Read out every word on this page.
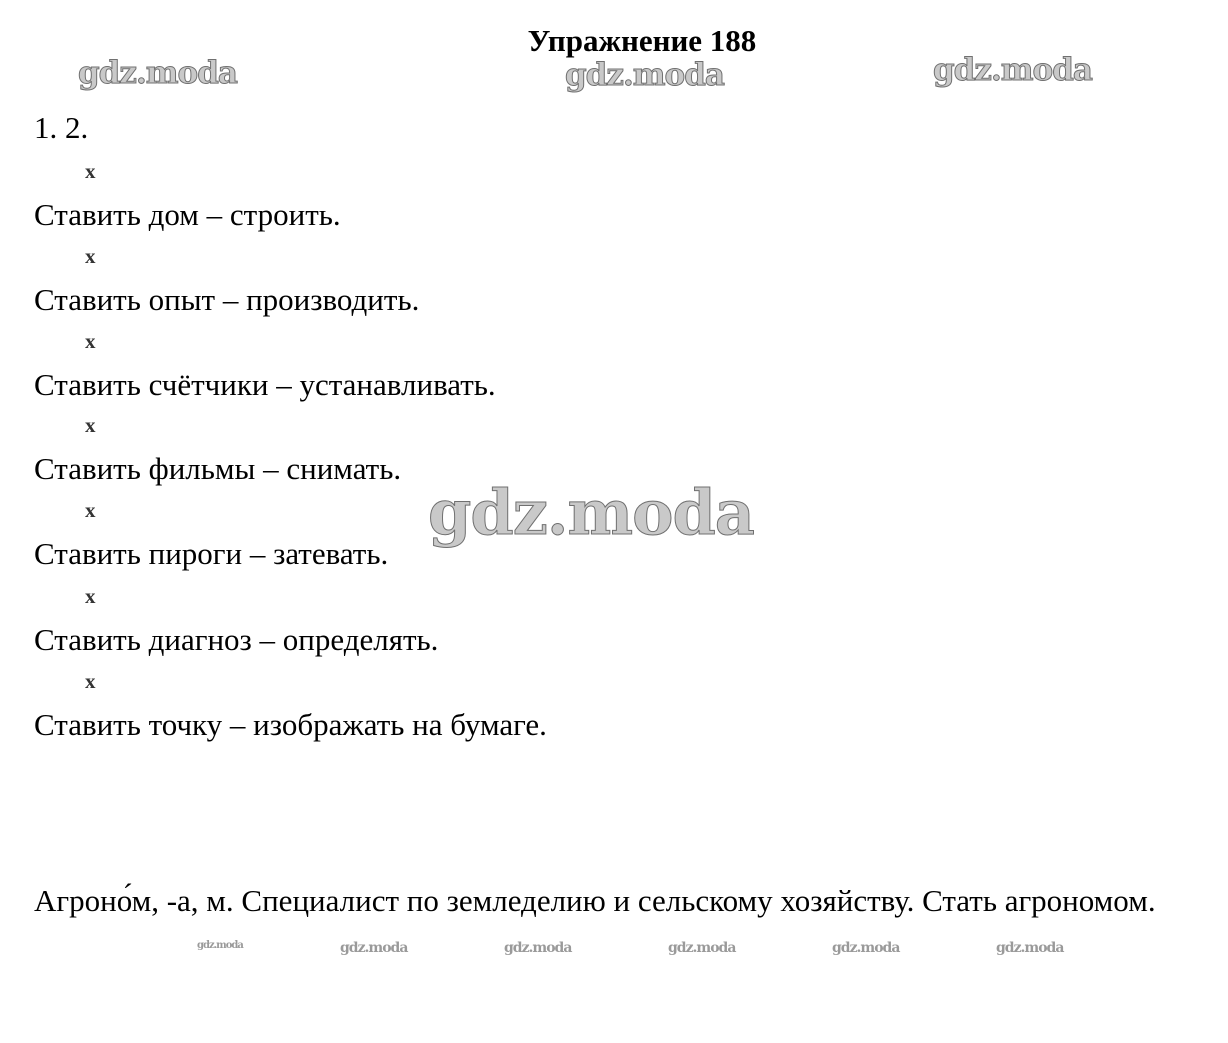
Упражнение 188
gdz.moda	gdz.moda	gdz.moda
gdz.moda
1. 2.
x
Ставить дом – строить.
x
Ставить опыт – производить.
x
Ставить счётчики – устанавливать.
x
Ставить фильмы – снимать.
x
Ставить пироги – затевать.
x
Ставить диагноз – определять.
x
Ставить точку – изображать на бумаге.
Агроно́м, -а, м. Специалист по земледелию и сельскому хозяйству. Стать агрономом.
gdz.moda	gdz.moda	gdz.moda	gdz.moda	gdz.moda	gdz.moda
